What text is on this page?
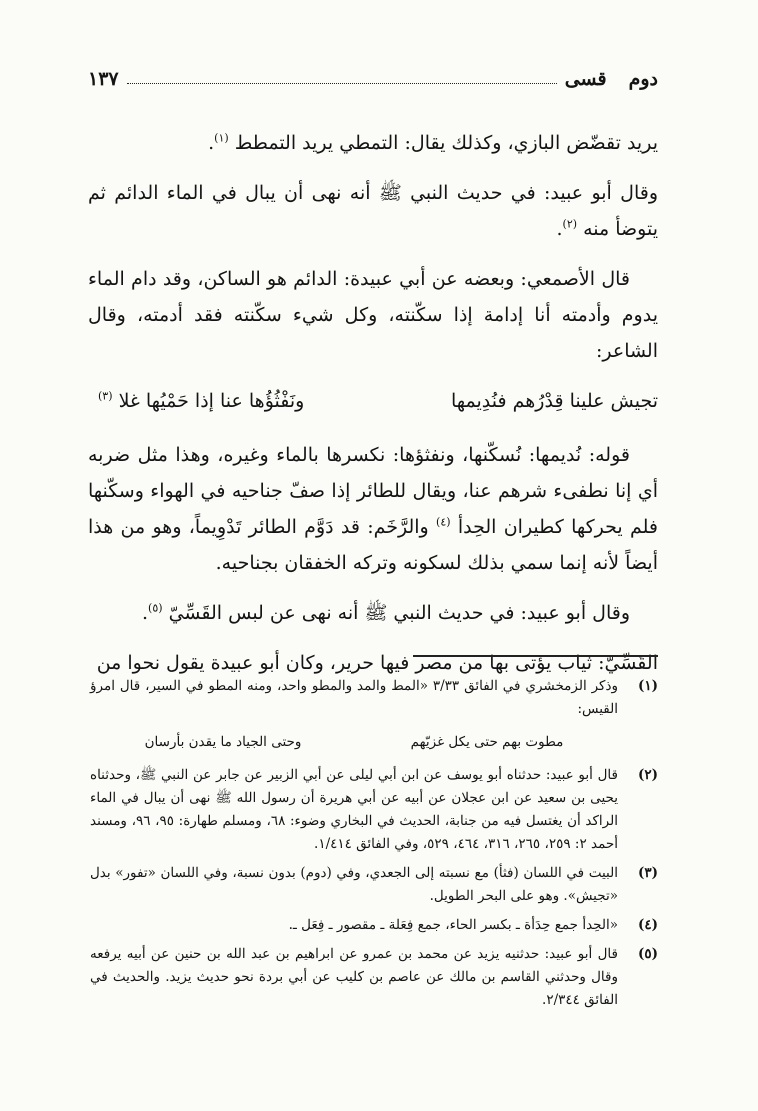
دوم
قسى
١٣٧

يريد تقضّض البازي، وكذلك يقال: التمطي يريد التمطط $^{(١)}$.

وقال أبو عبيد: في حديث النبي ﷺ أنه نهى أن يبال في الماء الدائم ثم يتوضأ منه $^{(٢)}$.

قال الأصمعي: وبعضه عن أبي عبيدة: الدائم هو الساكن، وقد دام الماء يدوم وأدمته أنا إدامة إذا سكّنته، وكل شيء سكّنته فقد أدمته، وقال الشاعر:

تجيش علينا قِدْرُهم فنُدِيمها
ونَفْثُؤُها عنا إذا حَمْيُها غلا $^{(٣)}$

قوله: نُديمها: نُسكّنها، ونفثؤها: نكسرها بالماء وغيره، وهذا مثل ضربه أي إنا نطفىء شرهم عنا، ويقال للطائر إذا صفّ جناحيه في الهواء وسكّنها فلم يحركها كطيران الحِدأ $^{(٤)}$ والرَّخَم: قد دَوَّم الطائر تَدْوِيماً، وهو من هذا أيضاً لأنه إنما سمي بذلك لسكونه وتركه الخفقان بجناحيه.

وقال أبو عبيد: في حديث النبي ﷺ أنه نهى عن لبس القَسِّيّ $^{(٥)}$.

القَسِّيّ: ثياب يؤتى بها من مصر فيها حرير، وكان أبو عبيدة يقول نحوا من

(١)

وذكر الزمخشري في الفائق ٣/٣٣ «المط والمد والمطو واحد، ومنه المطو في السير، قال امرؤ القيس:

مطوت بهم حتى يكل غزيّهم
وحتى الجياد ما يقدن بأرسان
(٢)
قال أبو عبيد: حدثناه أبو يوسف عن ابن أبي ليلى عن أبي الزبير عن جابر عن النبي ﷺ، وحدثناه يحيى بن سعيد عن ابن عجلان عن أبيه عن أبي هريرة أن رسول الله ﷺ نهى أن يبال في الماء الراكد أن يغتسل فيه من جنابة، الحديث في البخاري وضوء: ٦٨، ومسلم طهارة: ٩٥، ٩٦، ومسند أحمد ٢: ٢٥٩، ٢٦٥، ٣١٦، ٤٦٤، ٥٢٩، وفي الفائق ١/٤١٤.
(٣)
البيت في اللسان (فثأ) مع نسبته إلى الجعدي، وفي (دوم) بدون نسبة، وفي اللسان «تفور» بدل «تجيش». وهو على البحر الطويل.
(٤)
«الحِدأ جمع حِدَأة ـ بكسر الحاء، جمع فِعَلة ـ مقصور ـ فِعَل ـ.
(٥)
قال أبو عبيد: حدثنيه يزيد عن محمد بن عمرو عن ابراهيم بن عبد الله بن حنين عن أبيه يرفعه وقال وحدثني القاسم بن مالك عن عاصم بن كليب عن أبي بردة نحو حديث يزيد. والحديث في الفائق ٢/٣٤٤.
